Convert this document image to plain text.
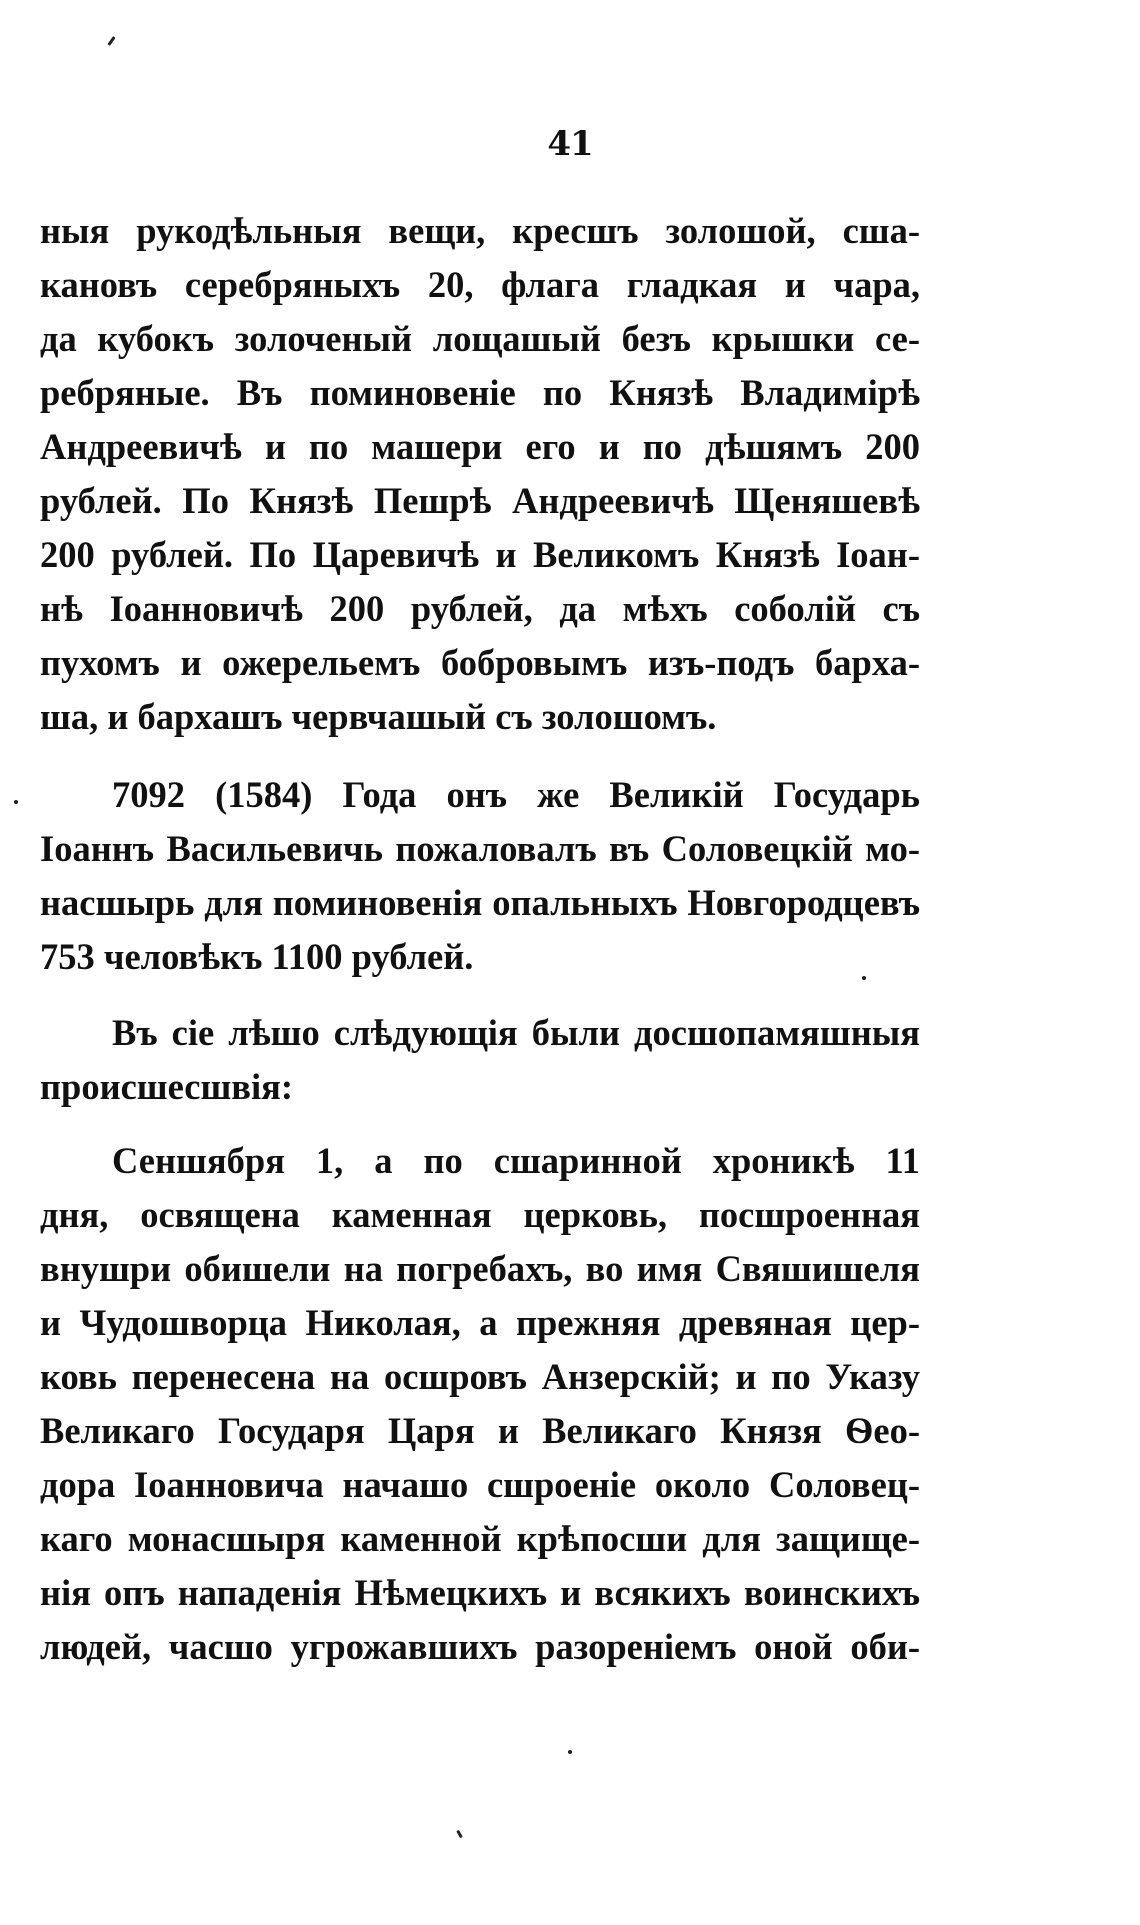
41
ныя рукодѣльныя вещи, кресшъ золошой, сша-
кановъ серебряныхъ 20, флага гладкая и чара,
да кубокъ золоченый лощашый безъ крышки се-
ребряные. Въ поминовеніе по Князѣ Владимірѣ
Андреевичѣ и по машери его и по дѣшямъ 200
рублей. По Князѣ Пешрѣ Андреевичѣ Щеняшевѣ
200 рублей. По Царевичѣ и Великомъ Князѣ Іоан-
нѣ Іоанновичѣ 200 рублей, да мѣхъ соболій съ
пухомъ и ожерельемъ бобровымъ изъ-подъ барха-
ша, и бархашъ червчашый съ золошомъ.
7092 (1584) Года онъ же Великій Государь
Іоаннъ Васильевичь пожаловалъ въ Соловецкій мо-
насшырь для поминовенія опальныхъ Новгородцевъ
753 человѣкъ 1100 рублей.
Въ сіе лѣшо слѣдующія были досшопамяшныя
происшесшвія:
Сеншября 1, а по сшаринной хроникѣ 11
дня, освящена каменная церковь, посшроенная
внушри обишели на погребахъ, во имя Свяшишеля
и Чудошворца Николая, а прежняя древяная цер-
ковь перенесена на осшровъ Анзерскій; и по Указу
Великаго Государя Царя и Великаго Князя Ѳео-
дора Іоанновича начашо сшроеніе около Соловец-
каго монасшыря каменной крѣпосши для защище-
нія опъ нападенія Нѣмецкихъ и всякихъ воинскихъ
людей, часшо угрожавшихъ разореніемъ оной оби-
